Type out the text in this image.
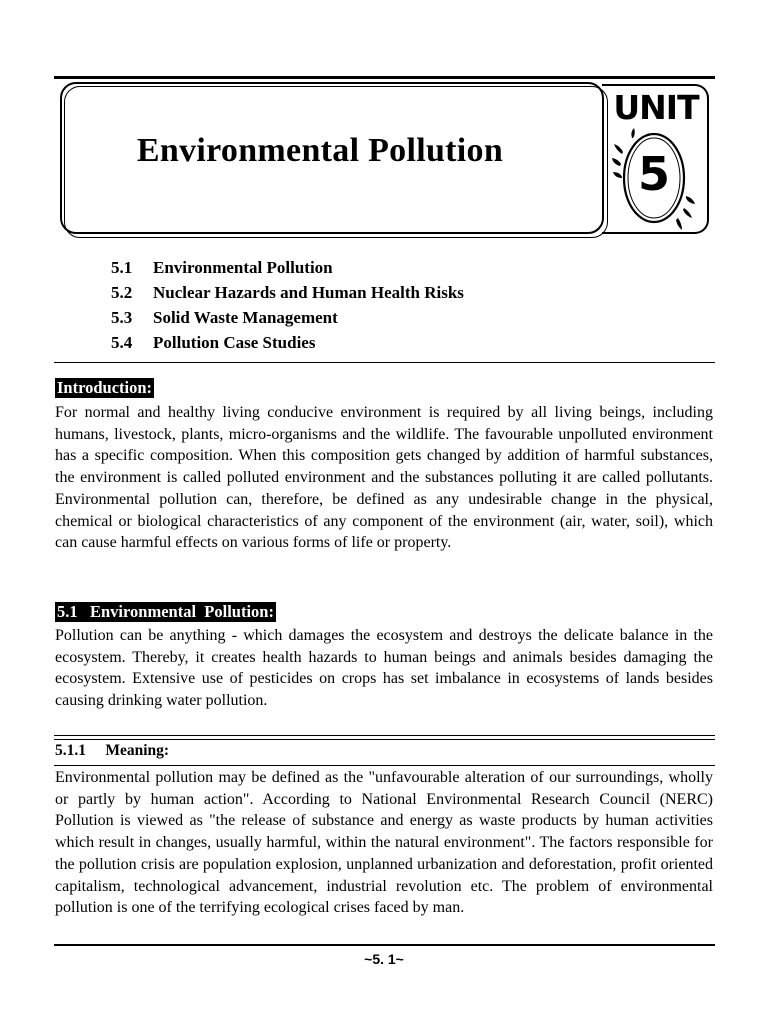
Environmental Pollution
UNIT
5
5.1 Environmental Pollution
5.2 Nuclear Hazards and Human Health Risks
5.3 Solid Waste Management
5.4 Pollution Case Studies
Introduction:

For normal and healthy living conducive environment is required by all living beings, including humans, livestock, plants, micro-organisms and the wildlife. The favourable unpolluted environment has a specific composition. When this composition gets changed by addition of harmful substances, the environment is called polluted environment and the substances polluting it are called pollutants. Environmental pollution can, therefore, be defined as any undesirable change in the physical, chemical or biological characteristics of any component of the environment (air, water, soil), which can cause harmful effects on various forms of life or property.

5.1   Environmental  Pollution:

Pollution can be anything - which damages the ecosystem and destroys the delicate balance in the ecosystem. Thereby, it creates health hazards to human beings and animals besides damaging the ecosystem. Extensive use of pesticides on crops has set imbalance in ecosystems of lands besides causing drinking water pollution.

5.1.1     Meaning:

Environmental pollution may be defined as the "unfavourable alteration of our surroundings, wholly or partly by human action". According to National Environmental Research Council (NERC) Pollution is viewed as "the release of substance and energy as waste products by human activities which result in changes, usually harmful, within the natural environment". The factors responsible for the pollution crisis are population explosion, unplanned urbanization and deforestation, profit oriented capitalism, technological advancement, industrial revolution etc. The problem of environmental pollution is one of the terrifying ecological crises faced by man.

~5. 1~
